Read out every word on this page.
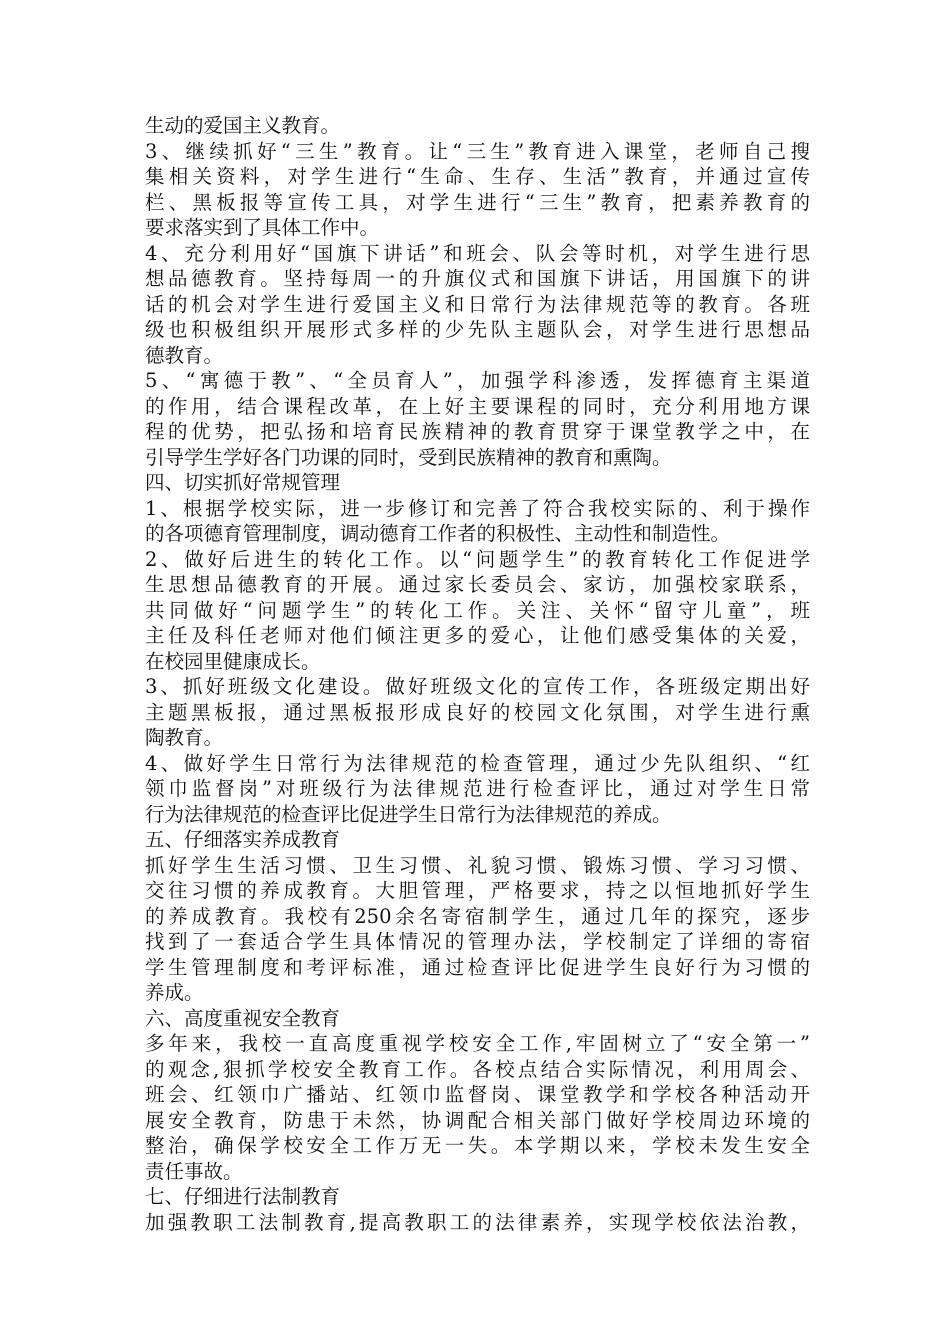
生动的爱国主义教育。
3、继续抓好“三生”教育。让“三生”教育进入课堂，老师自己搜
集相关资料，对学生进行“生命、生存、生活”教育，并通过宣传
栏、黑板报等宣传工具，对学生进行“三生”教育，把素养教育的
要求落实到了具体工作中。
4、充分利用好“国旗下讲话”和班会、队会等时机，对学生进行思
想品德教育。坚持每周一的升旗仪式和国旗下讲话，用国旗下的讲
话的机会对学生进行爱国主义和日常行为法律规范等的教育。各班
级也积极组织开展形式多样的少先队主题队会，对学生进行思想品
德教育。
5、“寓德于教”、“全员育人”，加强学科渗透，发挥德育主渠道
的作用，结合课程改革，在上好主要课程的同时，充分利用地方课
程的优势，把弘扬和培育民族精神的教育贯穿于课堂教学之中，在
引导学生学好各门功课的同时，受到民族精神的教育和熏陶。
四、切实抓好常规管理
1、根据学校实际，进一步修订和完善了符合我校实际的、利于操作
的各项德育管理制度，调动德育工作者的积极性、主动性和制造性。
2、做好后进生的转化工作。以“问题学生”的教育转化工作促进学
生思想品德教育的开展。通过家长委员会、家访，加强校家联系，
共同做好“问题学生”的转化工作。关注、关怀“留守儿童”，班
主任及科任老师对他们倾注更多的爱心，让他们感受集体的关爱，
在校园里健康成长。
3、抓好班级文化建设。做好班级文化的宣传工作，各班级定期出好
主题黑板报，通过黑板报形成良好的校园文化氛围，对学生进行熏
陶教育。
4、做好学生日常行为法律规范的检查管理，通过少先队组织、“红
领巾监督岗”对班级行为法律规范进行检查评比，通过对学生日常
行为法律规范的检查评比促进学生日常行为法律规范的养成。
五、仔细落实养成教育
抓好学生生活习惯、卫生习惯、礼貌习惯、锻炼习惯、学习习惯、
交往习惯的养成教育。大胆管理，严格要求，持之以恒地抓好学生
的养成教育。我校有250余名寄宿制学生，通过几年的探究，逐步
找到了一套适合学生具体情况的管理办法，学校制定了详细的寄宿
学生管理制度和考评标准，通过检查评比促进学生良好行为习惯的
养成。
六、高度重视安全教育
多年来，我校一直高度重视学校安全工作,牢固树立了“安全第一”
的观念,狠抓学校安全教育工作。各校点结合实际情况，利用周会、
班会、红领巾广播站、红领巾监督岗、课堂教学和学校各种活动开
展安全教育，防患于未然，协调配合相关部门做好学校周边环境的
整治，确保学校安全工作万无一失。本学期以来，学校未发生安全
责任事故。
七、仔细进行法制教育
加强教职工法制教育,提高教职工的法律素养，实现学校依法治教，
